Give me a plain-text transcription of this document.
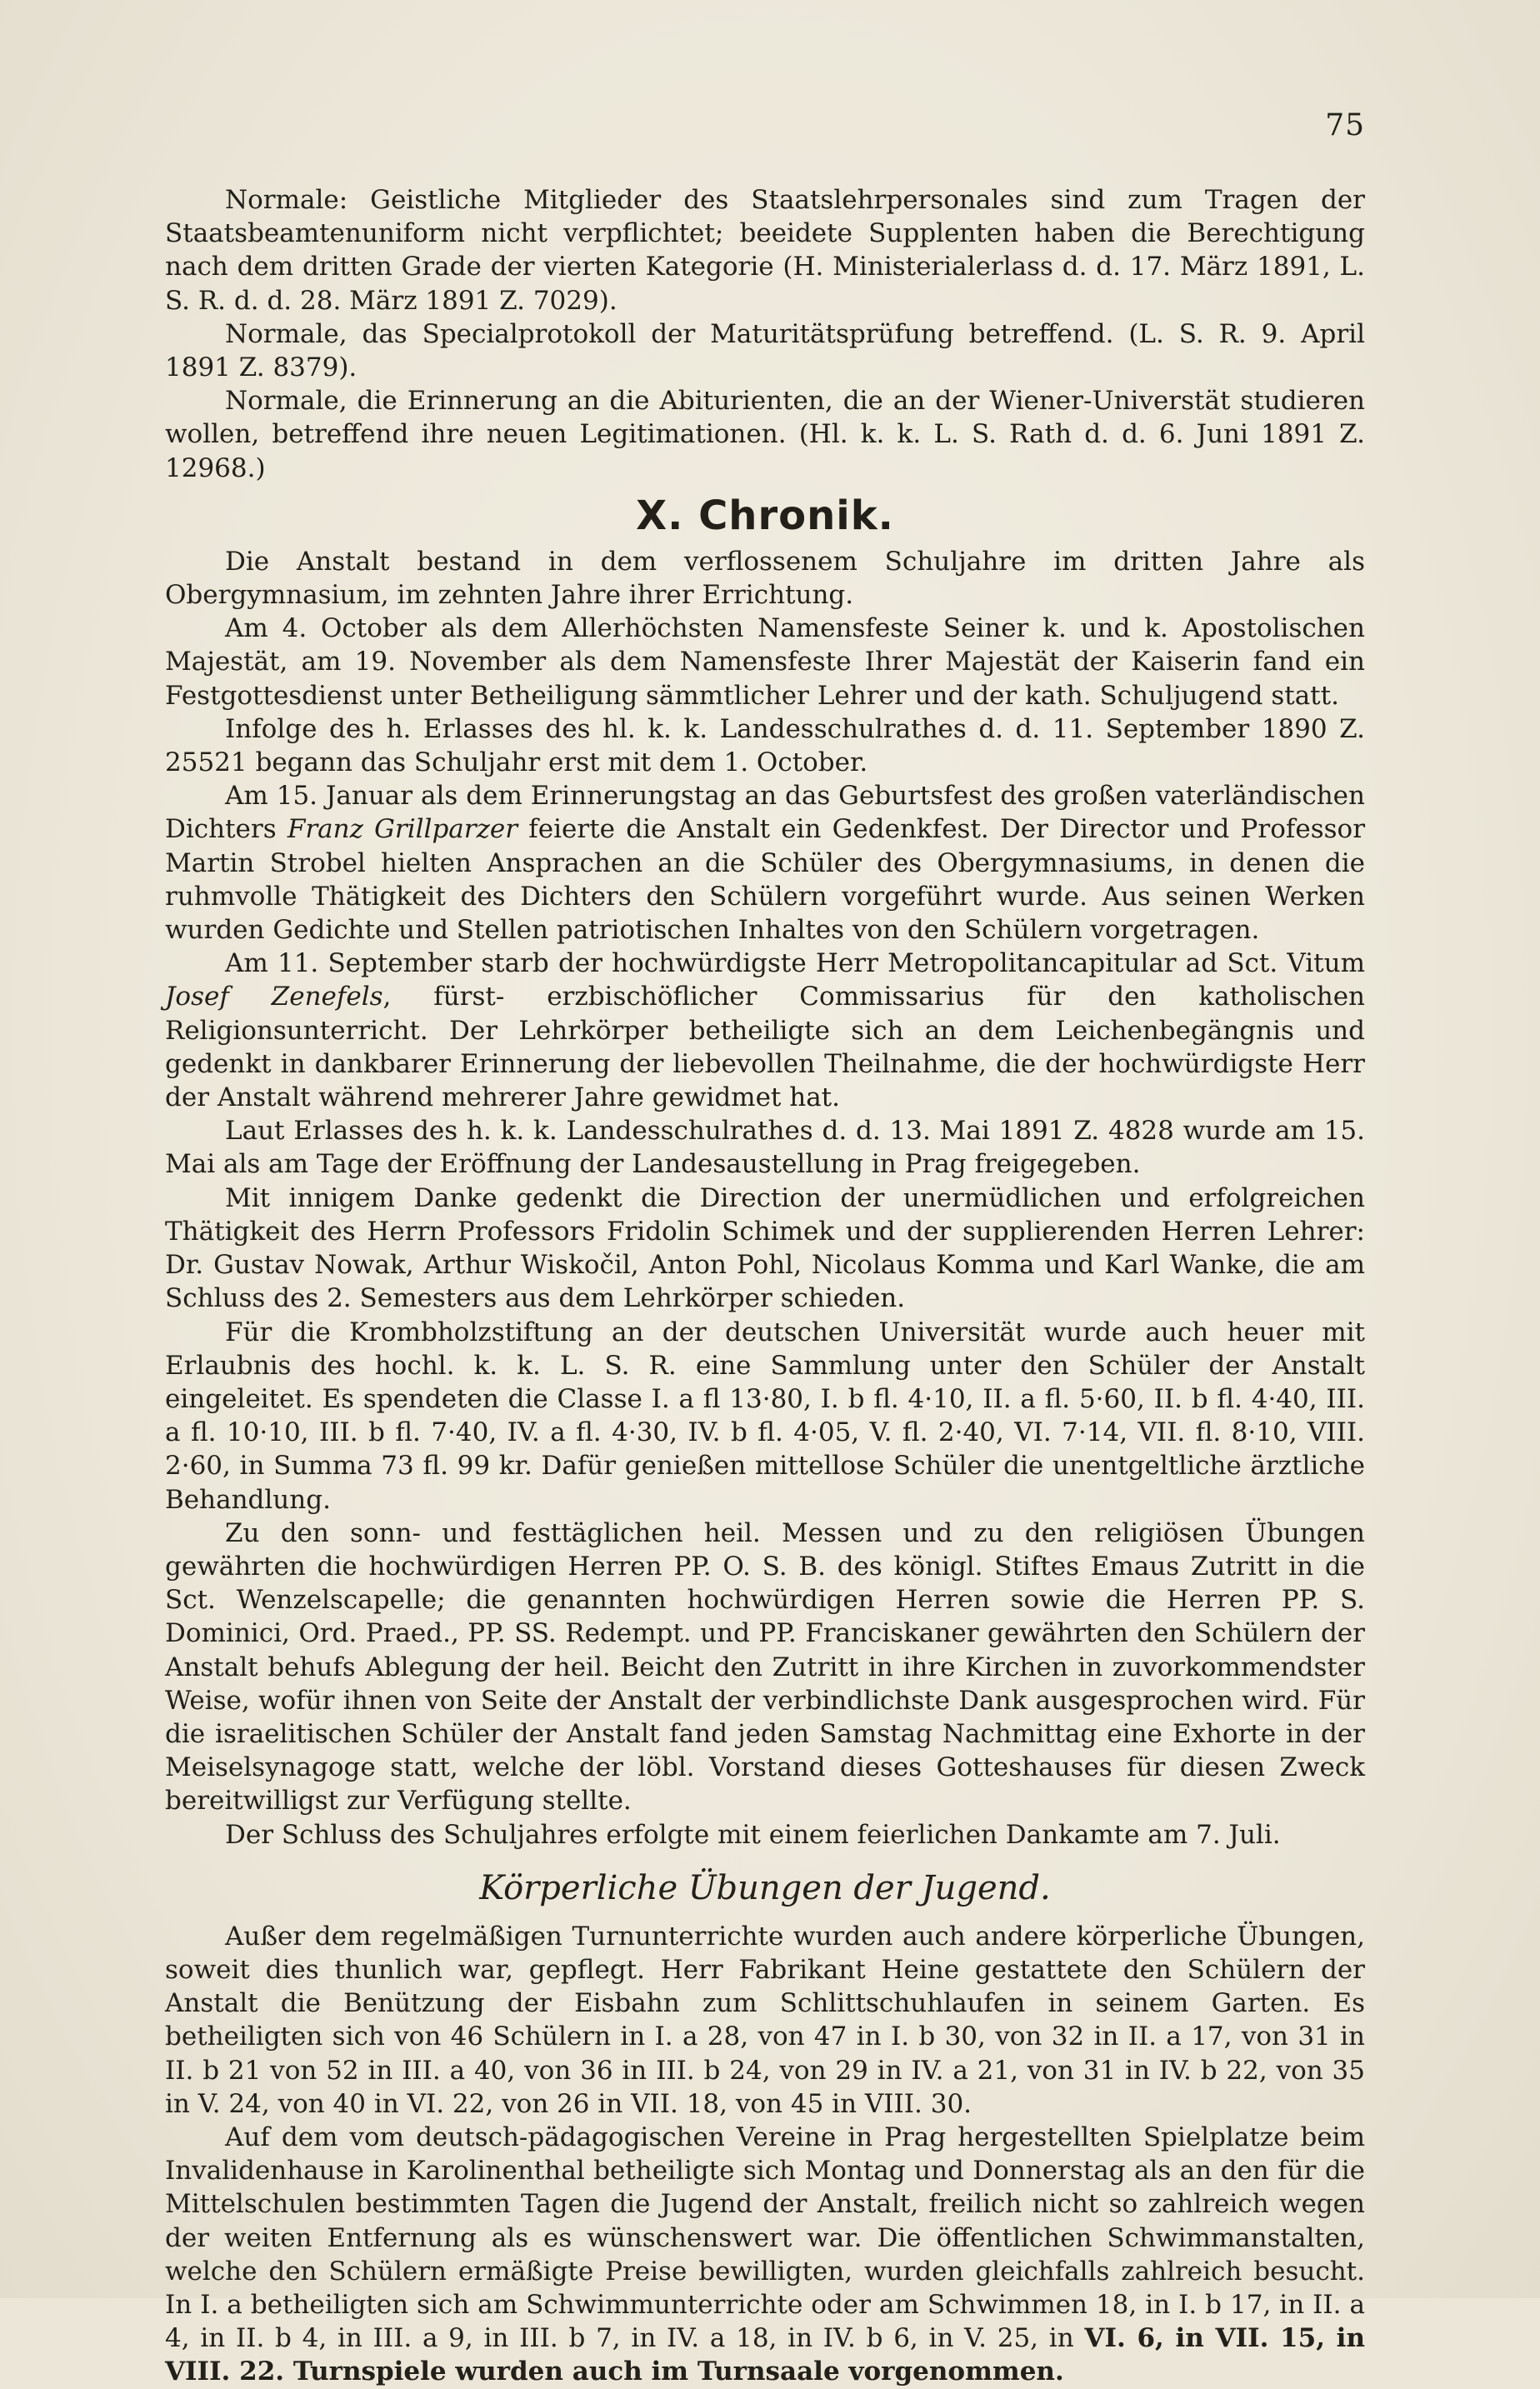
75

Normale: Geistliche Mitglieder des Staatslehrpersonales sind zum Tragen der Staatsbeamtenuniform nicht verpflichtet; beeidete Supplenten haben die Berechtigung nach dem dritten Grade der vierten Kategorie (H. Ministerialerlass d. d. 17. März 1891, L. S. R. d. d. 28. März 1891 Z. 7029).

Normale, das Specialprotokoll der Maturitätsprüfung betreffend. (L. S. R. 9. April 1891 Z. 8379).

Normale, die Erinnerung an die Abiturienten, die an der Wiener-Universtät studieren wollen, betreffend ihre neuen Legitimationen. (Hl. k. k. L. S. Rath d. d. 6. Juni 1891 Z. 12968.)

X. Chronik.

Die Anstalt bestand in dem verflossenem Schuljahre im dritten Jahre als Obergymnasium, im zehnten Jahre ihrer Errichtung.

Am 4. October als dem Allerhöchsten Namensfeste Seiner k. und k. Apostolischen Majestät, am 19. November als dem Namensfeste Ihrer Majestät der Kaiserin fand ein Festgottesdienst unter Betheiligung sämmtlicher Lehrer und der kath. Schuljugend statt.

Infolge des h. Erlasses des hl. k. k. Landesschulrathes d. d. 11. September 1890 Z. 25521 begann das Schuljahr erst mit dem 1. October.

Am 15. Januar als dem Erinnerungstag an das Geburtsfest des großen vaterländischen Dichters Franz Grillparzer feierte die Anstalt ein Gedenkfest. Der Director und Professor Martin Strobel hielten Ansprachen an die Schüler des Obergymnasiums, in denen die ruhmvolle Thätigkeit des Dichters den Schülern vorgeführt wurde. Aus seinen Werken wurden Gedichte und Stellen patriotischen Inhaltes von den Schülern vorgetragen.

Am 11. September starb der hochwürdigste Herr Metropolitancapitular ad Sct. Vitum Josef Zenefels, fürst- erzbischöflicher Commissarius für den katholischen Religionsunterricht. Der Lehrkörper betheiligte sich an dem Leichenbegängnis und gedenkt in dankbarer Erinnerung der liebevollen Theilnahme, die der hochwürdigste Herr der Anstalt während mehrerer Jahre gewidmet hat.

Laut Erlasses des h. k. k. Landesschulrathes d. d. 13. Mai 1891 Z. 4828 wurde am 15. Mai als am Tage der Eröffnung der Landesaustellung in Prag freigegeben.

Mit innigem Danke gedenkt die Direction der unermüdlichen und erfolgreichen Thätigkeit des Herrn Professors Fridolin Schimek und der supplierenden Herren Lehrer: Dr. Gustav Nowak, Arthur Wiskočil, Anton Pohl, Nicolaus Komma und Karl Wanke, die am Schluss des 2. Semesters aus dem Lehrkörper schieden.

Für die Krombholzstiftung an der deutschen Universität wurde auch heuer mit Erlaubnis des hochl. k. k. L. S. R. eine Sammlung unter den Schüler der Anstalt eingeleitet. Es spendeten die Classe I. a fl 13·80, I. b fl. 4·10, II. a fl. 5·60, II. b fl. 4·40, III. a fl. 10·10, III. b fl. 7·40, IV. a fl. 4·30, IV. b fl. 4·05, V. fl. 2·40, VI. 7·14, VII. fl. 8·10, VIII. 2·60, in Summa 73 fl. 99 kr. Dafür genießen mittellose Schüler die unentgeltliche ärztliche Behandlung.

Zu den sonn- und festtäglichen heil. Messen und zu den religiösen Übungen gewährten die hochwürdigen Herren PP. O. S. B. des königl. Stiftes Emaus Zutritt in die Sct. Wenzelscapelle; die genannten hochwürdigen Herren sowie die Herren PP. S. Dominici, Ord. Praed., PP. SS. Redempt. und PP. Franciskaner gewährten den Schülern der Anstalt behufs Ablegung der heil. Beicht den Zutritt in ihre Kirchen in zuvorkommendster Weise, wofür ihnen von Seite der Anstalt der verbindlichste Dank ausgesprochen wird. Für die israelitischen Schüler der Anstalt fand jeden Samstag Nachmittag eine Exhorte in der Meiselsynagoge statt, welche der löbl. Vorstand dieses Gotteshauses für diesen Zweck bereitwilligst zur Verfügung stellte.

Der Schluss des Schuljahres erfolgte mit einem feierlichen Dankamte am 7. Juli.

Körperliche Übungen der Jugend.

Außer dem regelmäßigen Turnunterrichte wurden auch andere körperliche Übungen, soweit dies thunlich war, gepflegt. Herr Fabrikant Heine gestattete den Schülern der Anstalt die Benützung der Eisbahn zum Schlittschuhlaufen in seinem Garten. Es betheiligten sich von 46 Schülern in I. a 28, von 47 in I. b 30, von 32 in II. a 17, von 31 in II. b 21 von 52 in III. a 40, von 36 in III. b 24, von 29 in IV. a 21, von 31 in IV. b 22, von 35 in V. 24, von 40 in VI. 22, von 26 in VII. 18, von 45 in VIII. 30.

Auf dem vom deutsch-pädagogischen Vereine in Prag hergestellten Spielplatze beim Invalidenhause in Karolinenthal betheiligte sich Montag und Donnerstag als an den für die Mittelschulen bestimmten Tagen die Jugend der Anstalt, freilich nicht so zahlreich wegen der weiten Entfernung als es wünschenswert war. Die öffentlichen Schwimmanstalten, welche den Schülern ermäßigte Preise bewilligten, wurden gleichfalls zahlreich besucht. In I. a betheiligten sich am Schwimmunterrichte oder am Schwimmen 18, in I. b 17, in II. a 4, in II. b 4, in III. a 9, in III. b 7, in IV. a 18, in IV. b 6, in V. 25, in VI. 6, in VII. 15, in VIII. 22. Turnspiele wurden auch im Turnsaale vorgenommen.
